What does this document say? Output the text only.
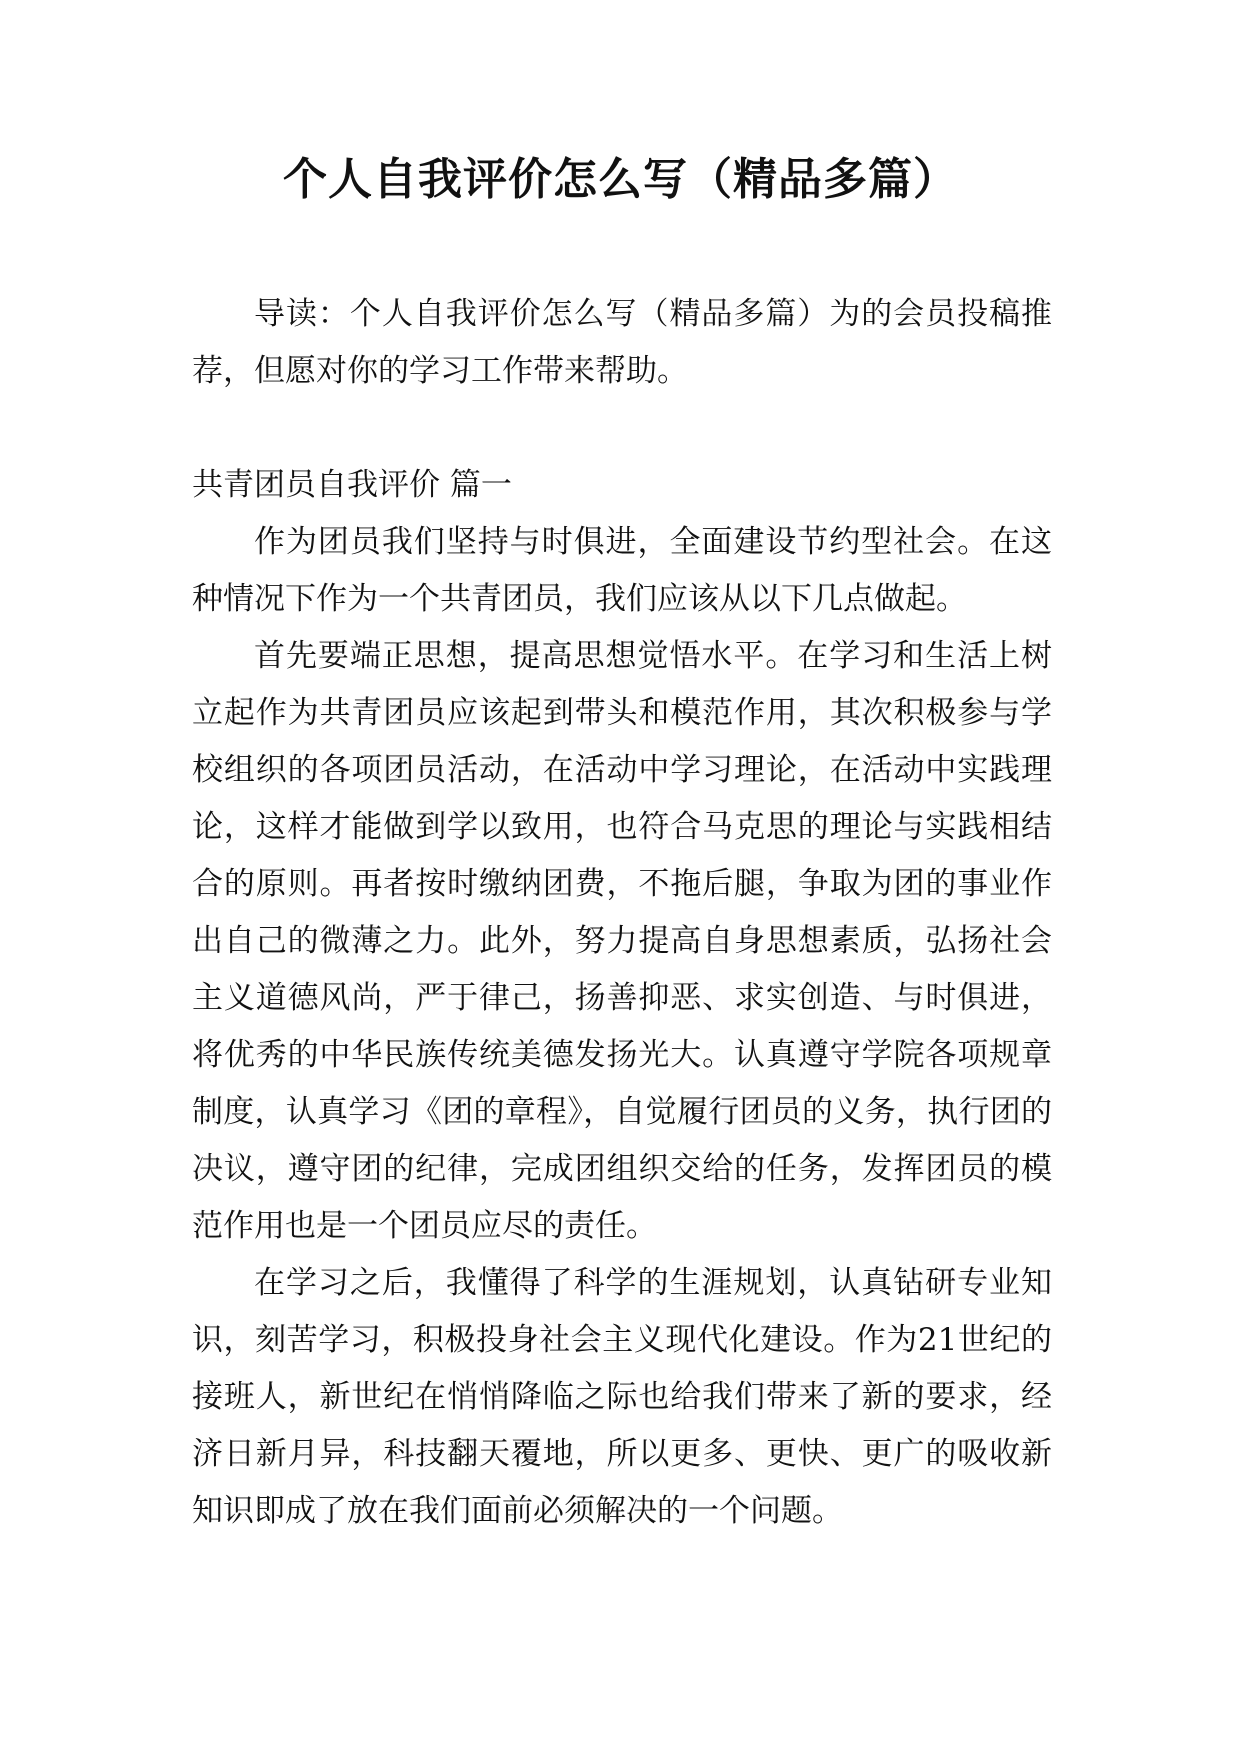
个人自我评价怎么写（精品多篇）

导读：个人自我评价怎么写（精品多篇）为的会员投稿推荐，但愿对你的学习工作带来帮助。

共青团员自我评价 篇一

作为团员我们坚持与时俱进，全面建设节约型社会。在这种情况下作为一个共青团员，我们应该从以下几点做起。

首先要端正思想，提高思想觉悟水平。在学习和生活上树立起作为共青团员应该起到带头和模范作用，其次积极参与学校组织的各项团员活动，在活动中学习理论，在活动中实践理论，这样才能做到学以致用，也符合马克思的理论与实践相结合的原则。再者按时缴纳团费，不拖后腿，争取为团的事业作出自己的微薄之力。此外，努力提高自身思想素质，弘扬社会主义道德风尚，严于律己，扬善抑恶、求实创造、与时俱进，将优秀的中华民族传统美德发扬光大。认真遵守学院各项规章制度，认真学习《团的章程》，自觉履行团员的义务，执行团的决议，遵守团的纪律，完成团组织交给的任务，发挥团员的模范作用也是一个团员应尽的责任。

在学习之后，我懂得了科学的生涯规划，认真钻研专业知识，刻苦学习，积极投身社会主义现代化建设。作为21世纪的接班人，新世纪在悄悄降临之际也给我们带来了新的要求，经济日新月异，科技翻天覆地，所以更多、更快、更广的吸收新知识即成了放在我们面前必须解决的一个问题。
